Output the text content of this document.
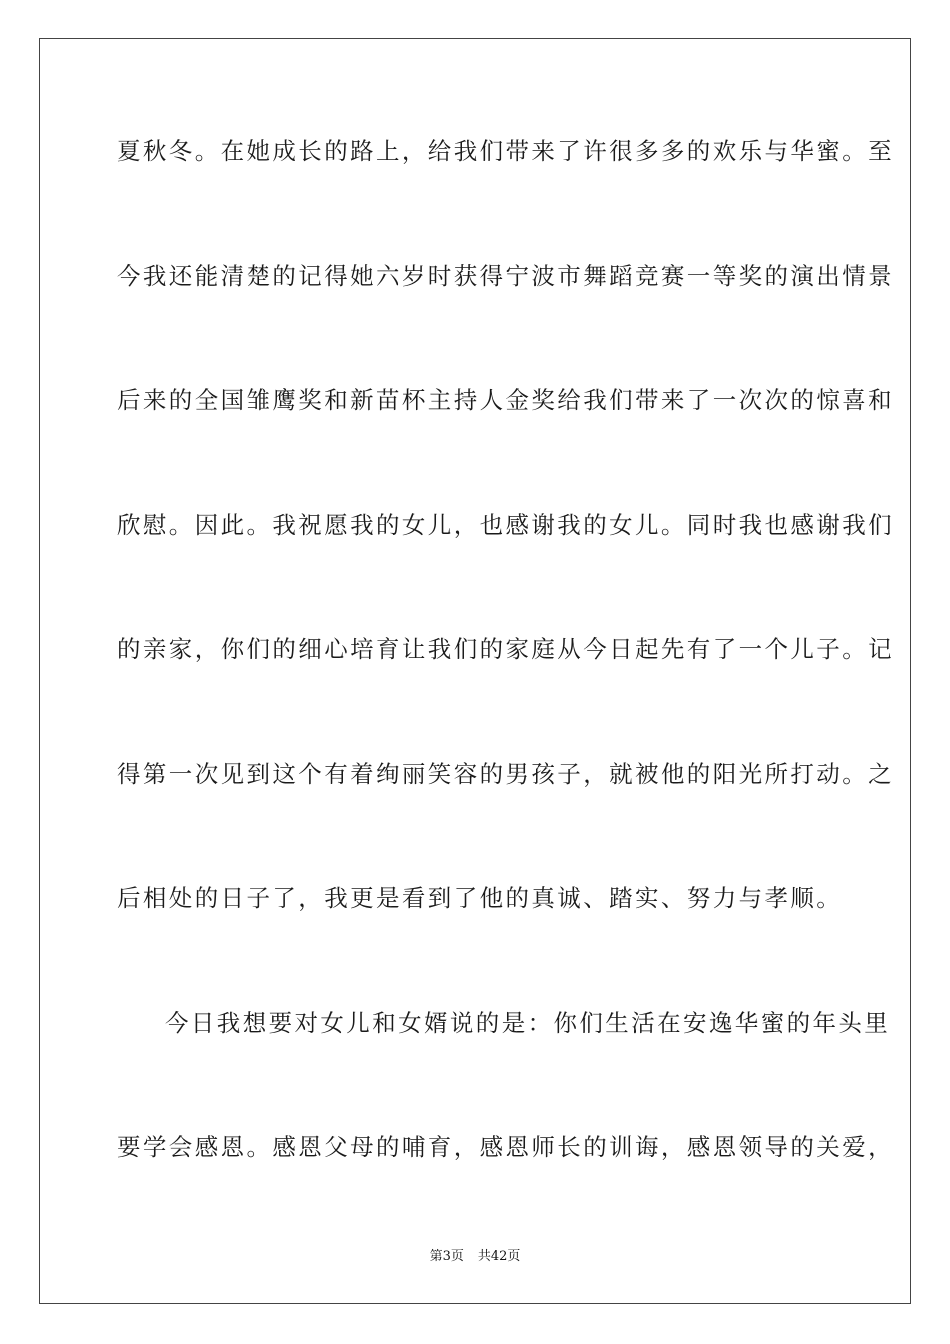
夏秋冬。在她成长的路上，给我们带来了许很多多的欢乐与华蜜。至
今我还能清楚的记得她六岁时获得宁波市舞蹈竞赛一等奖的演出情景
后来的全国雏鹰奖和新苗杯主持人金奖给我们带来了一次次的惊喜和
欣慰。因此。我祝愿我的女儿，也感谢我的女儿。同时我也感谢我们
的亲家，你们的细心培育让我们的家庭从今日起先有了一个儿子。记
得第一次见到这个有着绚丽笑容的男孩子，就被他的阳光所打动。之
后相处的日子了，我更是看到了他的真诚、踏实、努力与孝顺。
今日我想要对女儿和女婿说的是：你们生活在安逸华蜜的年头里
要学会感恩。感恩父母的哺育，感恩师长的训诲，感恩领导的关爱，
第3页 共42页
